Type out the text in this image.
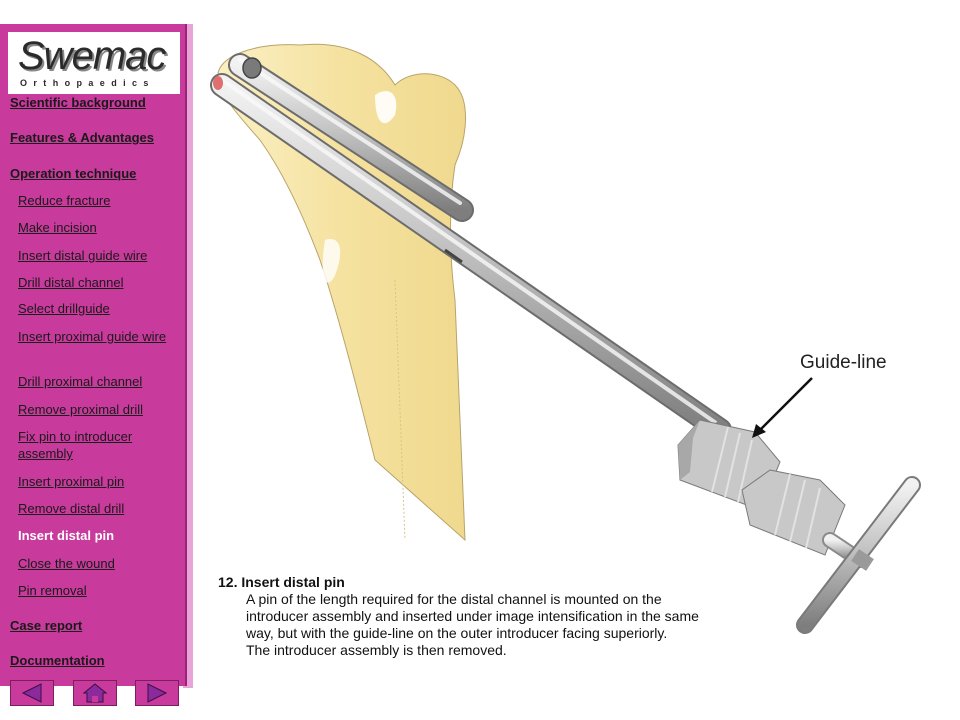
Swemac
Orthopaedics
Scientific background
Features & Advantages
Operation technique
Reduce fracture
Make incision
Insert distal guide wire
Drill distal channel
Select drillguide
Insert proximal guide wire
Drill proximal channel
Remove proximal drill
Fix pin to introducer assembly
Insert proximal pin
Remove distal drill
Insert distal pin
Close the wound
Pin removal
Case report
Documentation
Guide-line
12. Insert distal pin
A pin of the length required for the distal channel is mounted on the
introducer assembly and inserted under image intensification in the same
way, but with the guide-line on the outer introducer facing superiorly.
The introducer assembly is then removed.
